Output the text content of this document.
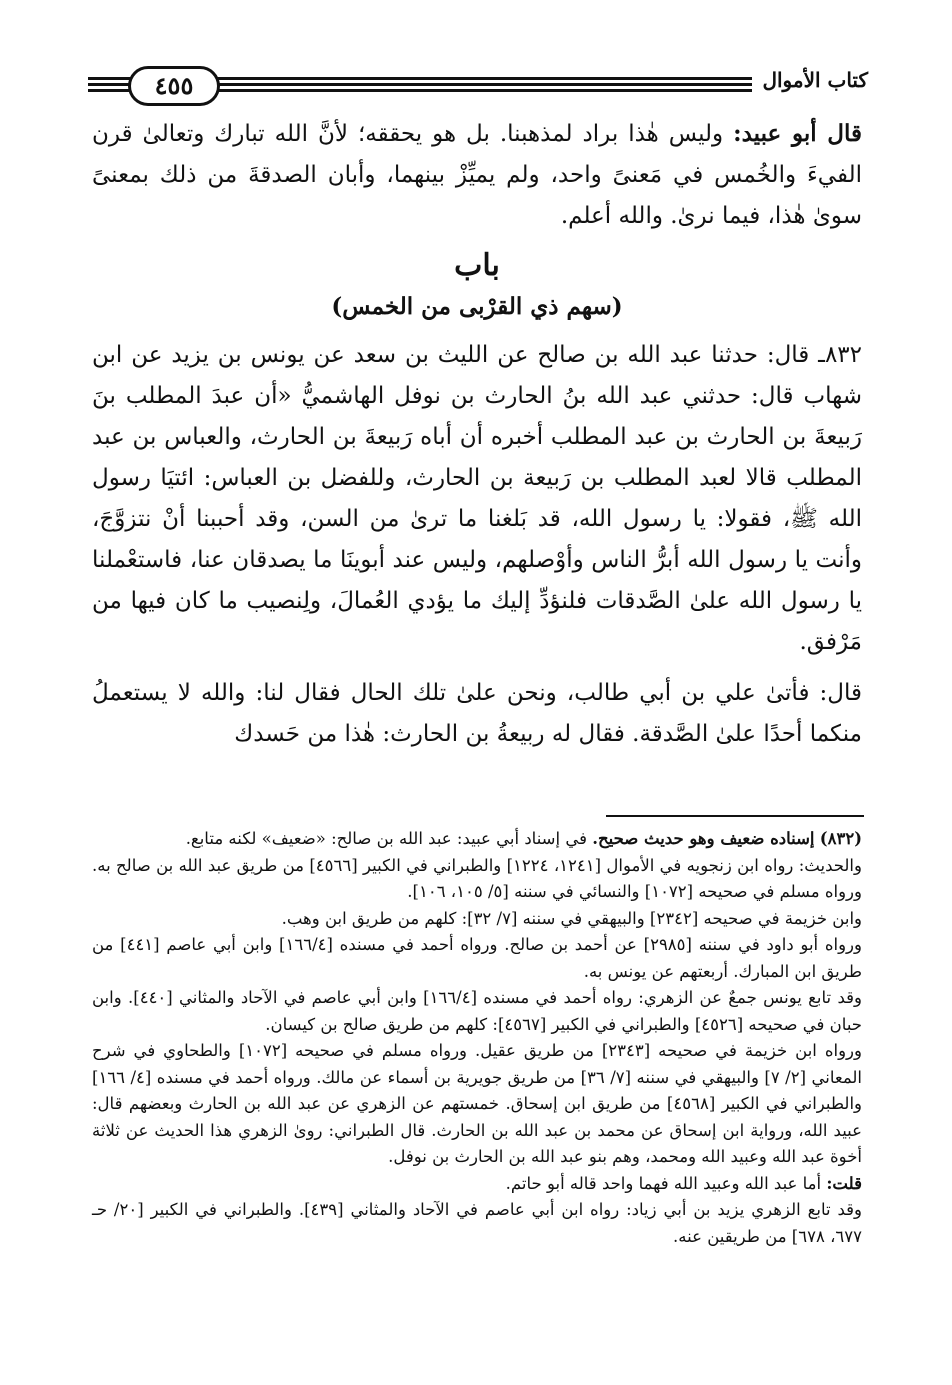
كتاب الأموال
٤٥٥

قال أبو عبيد: وليس هٰذا براد لمذهبنا. بل هو يحققه؛ لأنَّ الله تبارك وتعالىٰ قرن الفيءَ والخُمس في مَعنىً واحد، ولم يميِّزْ بينهما، وأبان الصدقةَ من ذلك بمعنىً سوىٰ هٰذا، فيما نرىٰ. والله أعلم.

باب
(سهم ذي القرْبى من الخمس)

٨٣٢ـ قال: حدثنا عبد الله بن صالح عن الليث بن سعد عن يونس بن يزيد عن ابن شهاب قال: حدثني عبد الله بنُ الحارث بن نوفل الهاشميُّ «أن عبدَ المطلب بنَ رَبيعةَ بن الحارث بن عبد المطلب أخبره أن أباه رَبيعةَ بن الحارث، والعباس بن عبد المطلب قالا لعبد المطلب بن رَبيعة بن الحارث، وللفضل بن العباس: ائتيَا رسول الله ﷺ، فقولا: يا رسول الله، قد بَلغنا ما ترىٰ من السن، وقد أحببنا أنْ نتزوَّجَ، وأنت يا رسول الله أبرُّ الناس وأوْصلهم، وليس عند أبوينَا ما يصدقان عنا، فاستعْملنا يا رسول الله علىٰ الصَّدقات فلنؤدِّ إليك ما يؤدي العُمالَ، ولِنصيب ما كان فيها من مَرْفق.

قال: فأتىٰ علي بن أبي طالب، ونحن علىٰ تلك الحال فقال لنا: والله لا يستعملُ منكما أحدًا علىٰ الصَّدقة. فقال له ربيعةُ بن الحارث: هٰذا من حَسدك

(٨٣٢) إسناده ضعيف وهو حديث صحيح. في إسناد أبي عبيد: عبد الله بن صالح: «ضعيف» لكنه متابع.

والحديث: رواه ابن زنجويه في الأموال [١٢٤١، ١٢٢٤] والطبراني في الكبير [٤٥٦٦] من طريق عبد الله بن صالح به. ورواه مسلم في صحيحه [١٠٧٢] والنسائي في سننه [٥/ ١٠٥، ١٠٦].

وابن خزيمة في صحيحه [٢٣٤٢] والبيهقي في سننه [٧/ ٣٢]: كلهم من طريق ابن وهب.

ورواه أبو داود في سننه [٢٩٨٥] عن أحمد بن صالح. ورواه أحمد في مسنده [١٦٦/٤] وابن أبي عاصم [٤٤١] من طريق ابن المبارك. أربعتهم عن يونس به.

وقد تابع يونس جمعٌ عن الزهري: رواه أحمد في مسنده [١٦٦/٤] وابن أبي عاصم في الآحاد والمثاني [٤٤٠]. وابن حبان في صحيحه [٤٥٢٦] والطبراني في الكبير [٤٥٦٧]: كلهم من طريق صالح بن كيسان.

ورواه ابن خزيمة في صحيحه [٢٣٤٣] من طريق عقيل. ورواه مسلم في صحيحه [١٠٧٢] والطحاوي في شرح المعاني [٢/ ٧] والبيهقي في سننه [٧/ ٣٦] من طريق جويرية بن أسماء عن مالك. ورواه أحمد في مسنده [٤/ ١٦٦] والطبراني في الكبير [٤٥٦٨] من طريق ابن إسحاق. خمستهم عن الزهري عن عبد الله بن الحارث وبعضهم قال: عبيد الله، ورواية ابن إسحاق عن محمد بن عبد الله بن الحارث. قال الطبراني: روىٰ الزهري هذا الحديث عن ثلاثة أخوة عبد الله وعبيد الله ومحمد، وهم بنو عبد الله بن الحارث بن نوفل.

قلت: أما عبد الله وعبيد الله فهما واحد قاله أبو حاتم.

وقد تابع الزهري يزيد بن أبي زياد: رواه ابن أبي عاصم في الآحاد والمثاني [٤٣٩]. والطبراني في الكبير [٢٠/ حـ ٦٧٧، ٦٧٨] من طريقين عنه.
